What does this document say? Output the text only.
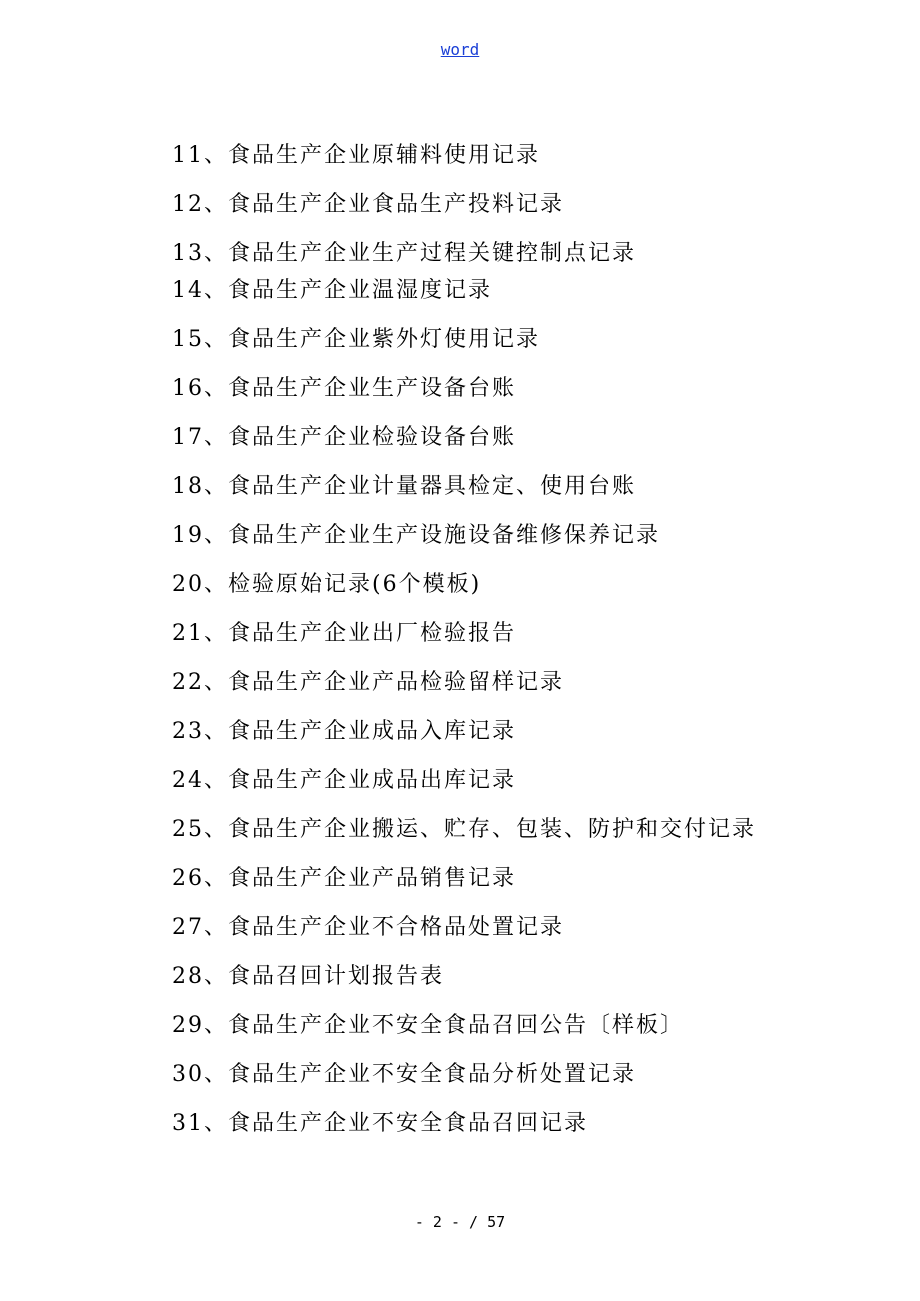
word
11、食品生产企业原辅料使用记录
12、食品生产企业食品生产投料记录
13、食品生产企业生产过程关键控制点记录
14、食品生产企业温湿度记录
15、食品生产企业紫外灯使用记录
16、食品生产企业生产设备台账
17、食品生产企业检验设备台账
18、食品生产企业计量器具检定、使用台账
19、食品生产企业生产设施设备维修保养记录
20、检验原始记录(6个模板)
21、食品生产企业出厂检验报告
22、食品生产企业产品检验留样记录
23、食品生产企业成品入库记录
24、食品生产企业成品出库记录
25、食品生产企业搬运、贮存、包装、防护和交付记录
26、食品生产企业产品销售记录
27、食品生产企业不合格品处置记录
28、食品召回计划报告表
29、食品生产企业不安全食品召回公告〔样板〕
30、食品生产企业不安全食品分析处置记录
31、食品生产企业不安全食品召回记录
- 2 - / 57
